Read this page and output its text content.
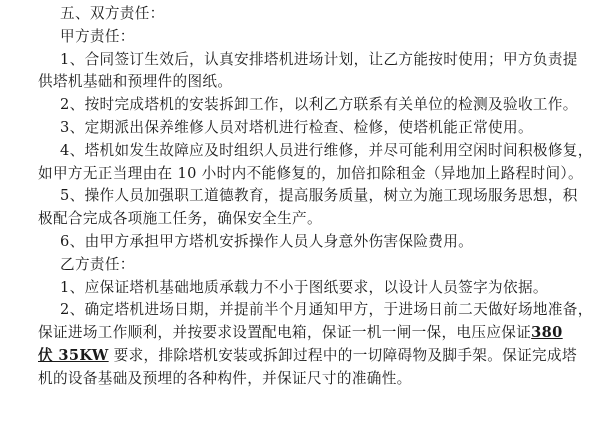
五、双方责任：
甲方责任：
1、合同签订生效后，认真安排塔机进场计划，让乙方能按时使用；甲方负责提
供塔机基础和预埋件的图纸。
2、按时完成塔机的安装拆卸工作，以利乙方联系有关单位的检测及验收工作。
3、定期派出保养维修人员对塔机进行检查、检修，使塔机能正常使用。
4、塔机如发生故障应及时组织人员进行维修，并尽可能利用空闲时间积极修复，
如甲方无正当理由在 10 小时内不能修复的，加倍扣除租金（异地加上路程时间）。
5、操作人员加强职工道德教育，提高服务质量，树立为施工现场服务思想，积
极配合完成各项施工任务，确保安全生产。
6、由甲方承担甲方塔机安拆操作人员人身意外伤害保险费用。
乙方责任：
1、应保证塔机基础地质承载力不小于图纸要求，以设计人员签字为依据。
2、确定塔机进场日期，并提前半个月通知甲方，于进场日前二天做好场地准备，
保证进场工作顺利，并按要求设置配电箱，保证一机一闸一保，电压应保证380
伏 35KW 要求，排除塔机安装或拆卸过程中的一切障碍物及脚手架。保证完成塔
机的设备基础及预埋的各种构件，并保证尺寸的准确性。
